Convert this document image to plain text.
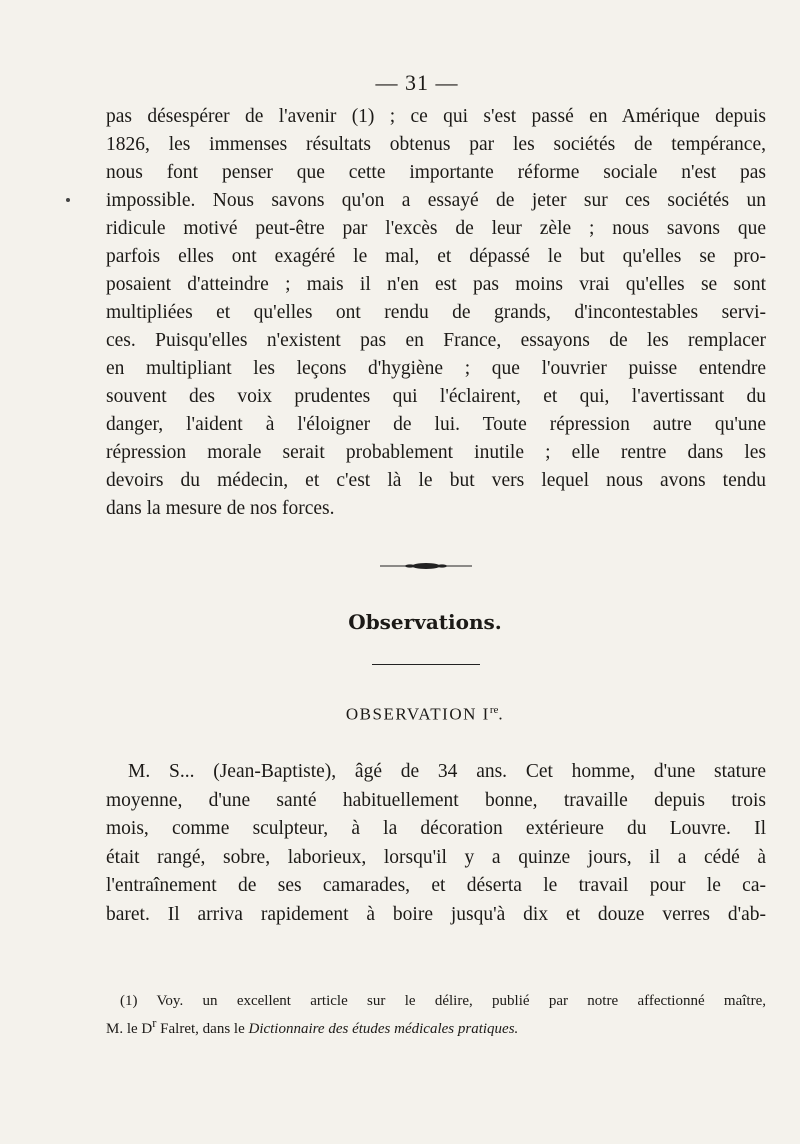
— 31 —
pas désespérer de l'avenir (1) ; ce qui s'est passé en Amérique depuis
1826, les immenses résultats obtenus par les sociétés de tempérance,
nous font penser que cette importante réforme sociale n'est pas
impossible. Nous savons qu'on a essayé de jeter sur ces sociétés un
ridicule motivé peut-être par l'excès de leur zèle ; nous savons que
parfois elles ont exagéré le mal, et dépassé le but qu'elles se pro-
posaient d'atteindre ; mais il n'en est pas moins vrai qu'elles se sont
multipliées et qu'elles ont rendu de grands, d'incontestables servi-
ces. Puisqu'elles n'existent pas en France, essayons de les remplacer
en multipliant les leçons d'hygiène ; que l'ouvrier puisse entendre
souvent des voix prudentes qui l'éclairent, et qui, l'avertissant du
danger, l'aident à l'éloigner de lui. Toute répression autre qu'une
répression morale serait probablement inutile ; elle rentre dans les
devoirs du médecin, et c'est là le but vers lequel nous avons tendu
dans la mesure de nos forces.
Observations.
OBSERVATION Ire.
M. S... (Jean-Baptiste), âgé de 34 ans. Cet homme, d'une stature
moyenne, d'une santé habituellement bonne, travaille depuis trois
mois, comme sculpteur, à la décoration extérieure du Louvre. Il
était rangé, sobre, laborieux, lorsqu'il y a quinze jours, il a cédé à
l'entraînement de ses camarades, et déserta le travail pour le ca-
baret. Il arriva rapidement à boire jusqu'à dix et douze verres d'ab-
(1) Voy. un excellent article sur le délire, publié par notre affectionné maître,
M. le $D^r$ Falret, dans le Dictionnaire des études médicales pratiques.
